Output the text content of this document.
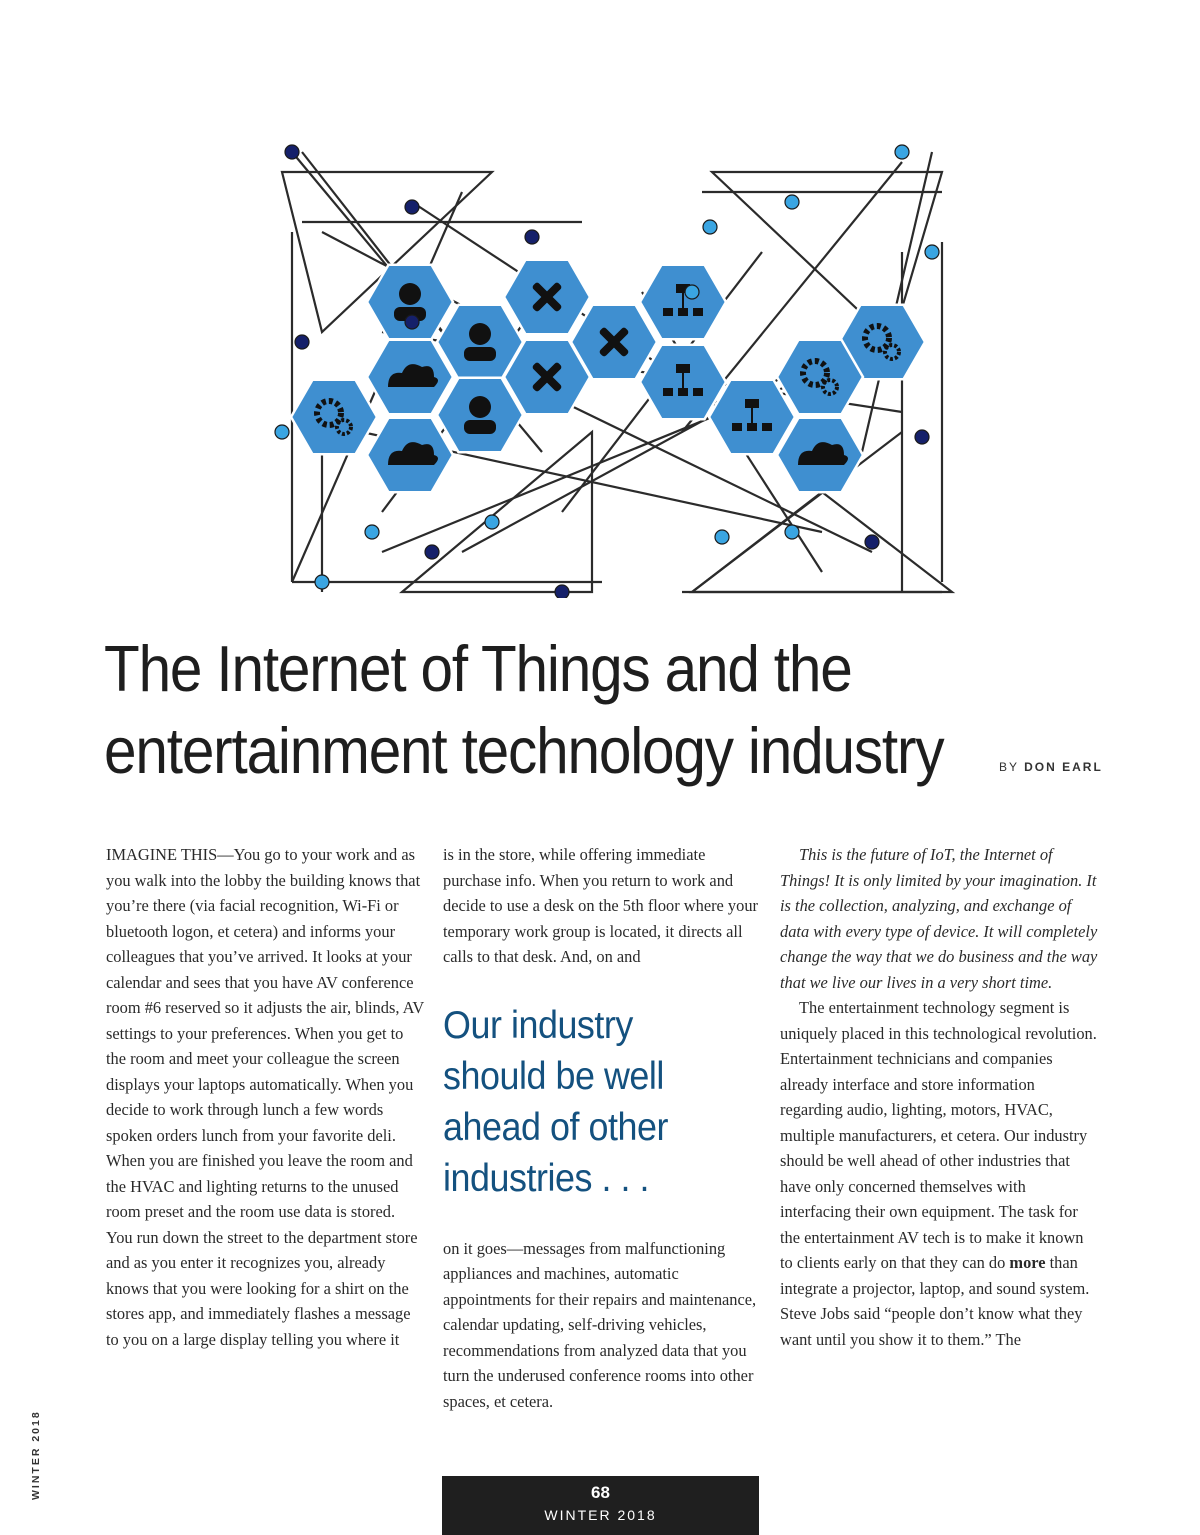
The Internet of Things and the
entertainment technology industry	BY DON EARL

IMAGINE THIS—You go to your work and as you walk into the lobby the building knows that you’re there (via facial recognition, Wi-Fi or bluetooth logon, et cetera) and informs your colleagues that you’ve arrived. It looks at your calendar and sees that you have AV conference room #6 reserved so it adjusts the air, blinds, AV settings to your preferences. When you get to the room and meet your colleague the screen displays your laptops automatically. When you decide to work through lunch a few words spoken orders lunch from your favorite deli. When you are finished you leave the room and the HVAC and lighting returns to the unused room preset and the room use data is stored. You run down the street to the department store and as you enter it recognizes you, already knows that you were looking for a shirt on the stores app, and immediately flashes a message to you on a large display telling you where it

is in the store, while offering immediate purchase info. When you return to work and decide to use a desk on the 5th floor where your temporary work group is located, it directs all calls to that desk. And, on and

Our industry
should be well
ahead of other
industries . . .

on it goes—messages from malfunctioning appliances and machines, automatic appointments for their repairs and maintenance, calendar updating, self-driving vehicles, recommendations from analyzed data that you turn the underused conference rooms into other spaces, et cetera.

This is the future of IoT, the Internet of Things! It is only limited by your imagination. It is the collection, analyzing, and exchange of data with every type of device. It will completely change the way that we do business and the way that we live our lives in a very short time.

The entertainment technology segment is uniquely placed in this technological revolution. Entertainment technicians and companies already interface and store information regarding audio, lighting, motors, HVAC, multiple manufacturers, et cetera. Our industry should be well ahead of other industries that have only concerned themselves with interfacing their own equipment. The task for the entertainment AV tech is to make it known to clients early on that they can do more than integrate a projector, laptop, and sound system. Steve Jobs said “people don’t know what they want until you show it to them.” The

WINTER 2018	68
WINTER 2018
